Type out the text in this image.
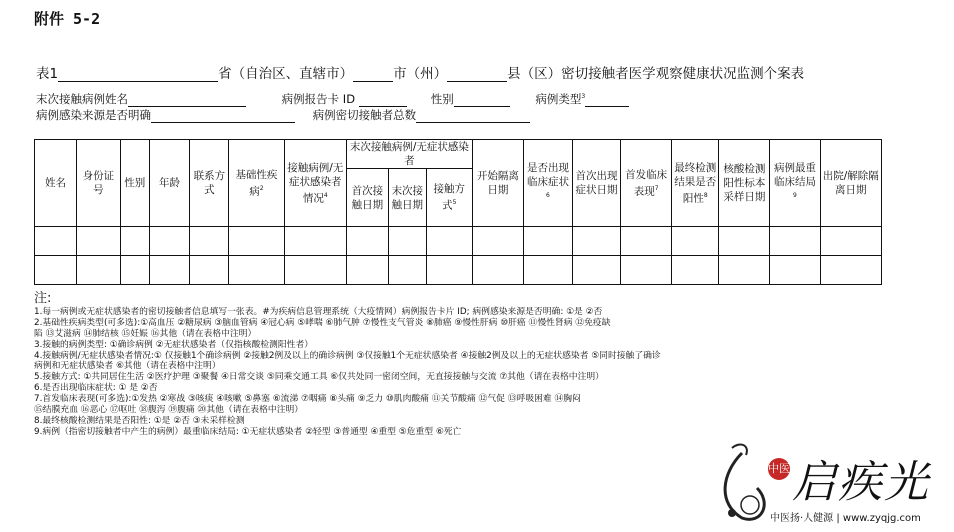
附件 5-2
表1	省（自治区、直辖市）	市（州）	县（区）密切接触者医学观察健康状况监测个案表
末次接触病例姓名	病例报告卡 ID	性别	病例类型$^3$
病例感染来源是否明确	病例密切接触者总数
姓名	身份证号	性别	年龄	联系方式	基础性疾病$^2$	接触病例/无症状感染者情况$^4$	末次接触病例/无症状感染者			开始隔离日期	是否出现临床症状$^6$	首次出现症状日期	首发临床表现$^7$	最终检测结果是否阳性$^8$	核酸检测阳性标本采样日期	病例最重临床结局$^9$	出院/解除隔离日期
							首次接触日期	末次接触日期	接触方式$^5$

注:
1.每一病例或无症状感染者的密切接触者信息填写一张表。#为疾病信息管理系统（大疫情网）病例报告卡片 ID; 病例感染来源是否明确: ①是 ②否
2.基础性疾病类型(可多选):①高血压 ②糖尿病 ③脑血管病 ④冠心病 ⑤哮喘 ⑥肺气肿 ⑦慢性支气管炎 ⑧肺癌 ⑨慢性肝病 ⑩肝癌 ⑪慢性肾病 ⑫免疫缺
陷 ⑬艾滋病 ⑭肺结核 ⑮妊娠 ⑯其他（请在表格中注明）
3.接触的病例类型: ①确诊病例 ②无症状感染者（仅指核酸检测阳性者）
4.接触病例/无症状感染者情况:① 仅接触1个确诊病例 ②接触2例及以上的确诊病例 ③仅接触1个无症状感染者 ④接触2例及以上的无症状感染者 ⑤同时接触了确诊
病例和无症状感染者 ⑥其他（请在表格中注明）
5.接触方式: ①共同居住生活 ②医疗护理 ③聚餐 ④日常交谈 ⑤同乘交通工具 ⑥仅共处同一密闭空间，无直接接触与交流 ⑦其他（请在表格中注明）
6.是否出现临床症状: ① 是 ②否
7.首发临床表现(可多选):①发热 ②寒战 ③咳痰 ④咳嗽 ⑤鼻塞 ⑥流涕 ⑦咽痛 ⑧头痛 ⑨乏力 ⑩肌肉酸痛 ⑪关节酸痛 ⑫气促 ⑬呼吸困难 ⑭胸闷
⑮结膜充血 ⑯恶心 ⑰呕吐 ⑱腹泻 ⑲腹痛 ⑳其他（请在表格中注明）
8.最终核酸检测结果是否阳性: ①是 ②否 ③未采样检测
9.病例（指密切接触者中产生的病例）最重临床结局: ①无症状感染者 ②轻型 ③普通型 ④重型 ⑤危重型 ⑥死亡
中医 启疾光
中医扬·人健源 | www.zyqjg.com
